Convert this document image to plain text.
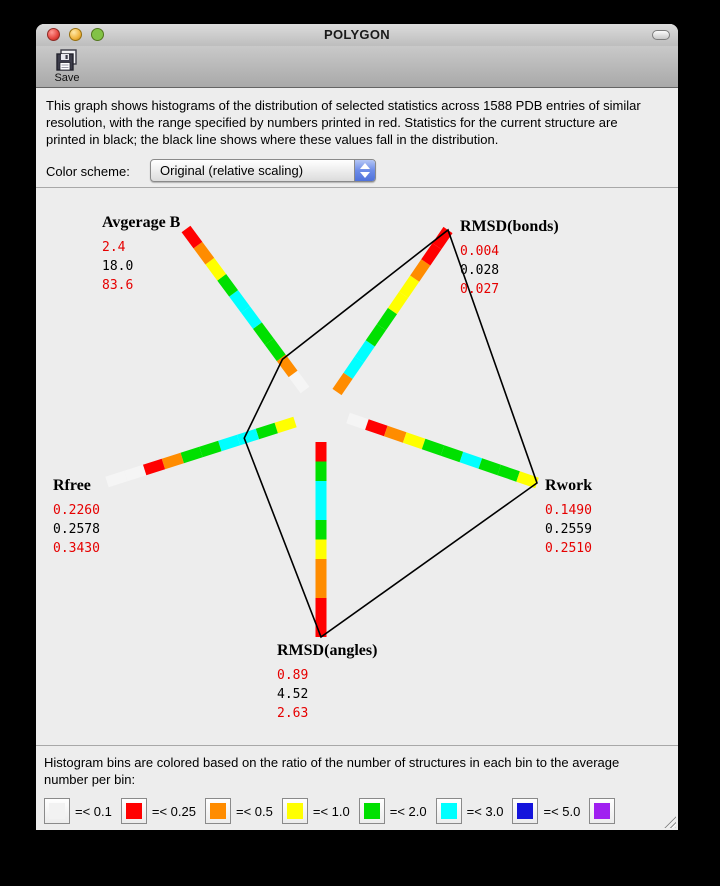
POLYGON
Save
This graph shows histograms of the distribution of selected statistics across 1588 PDB entries of similar resolution, with the range specified by numbers printed in red. Statistics for the current structure are printed in black; the black line shows where these values fall in the distribution.
Color scheme: Original (relative scaling)
Avgerage B
2.4
18.0
83.6
RMSD(bonds)
0.004
0.028
0.027
Rwork
0.1490
0.2559
0.2510
RMSD(angles)
0.89
4.52
2.63
Rfree
0.2260
0.2578
0.3430
Histogram bins are colored based on the ratio of the number of structures in each bin to the average number per bin:
=< 0.1	=< 0.25	=< 0.5	=< 1.0	=< 2.0	=< 3.0	=< 5.0
